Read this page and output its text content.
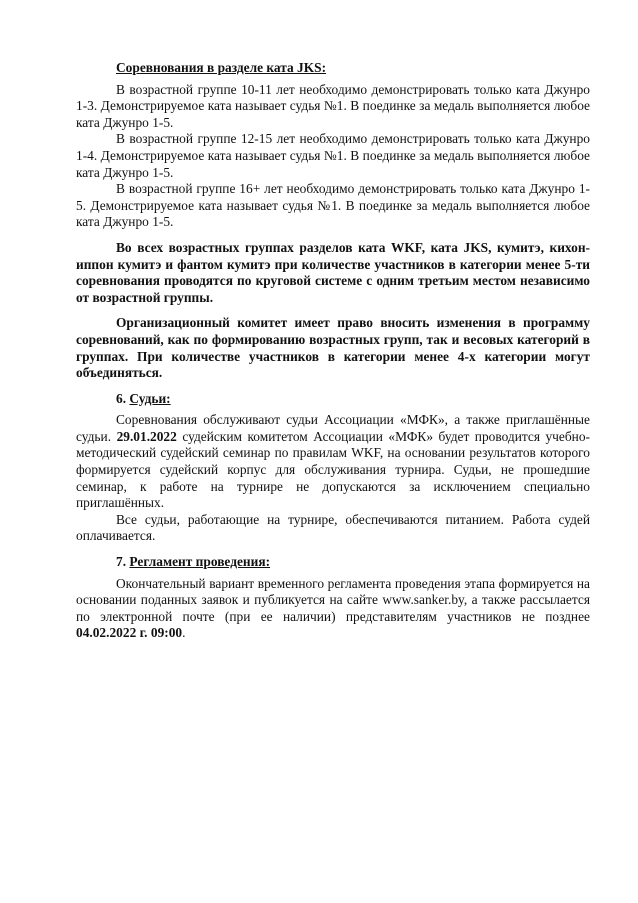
Соревнования в разделе ката JKS:

В возрастной группе 10-11 лет необходимо демонстрировать только ката Джунро 1-3. Демонстрируемое ката называет судья №1. В поединке за медаль выполняется любое ката Джунро 1-5.

В возрастной группе 12-15 лет необходимо демонстрировать только ката Джунро 1-4. Демонстрируемое ката называет судья №1. В поединке за медаль выполняется любое ката Джунро 1-5.

В возрастной группе 16+ лет необходимо демонстрировать только ката Джунро 1-5. Демонстрируемое ката называет судья №1. В поединке за медаль выполняется любое ката Джунро 1-5.

Во всех возрастных группах разделов ката WKF, ката JKS, кумитэ, кихон-иппон кумитэ и фантом кумитэ при количестве участников в категории менее 5-ти соревнования проводятся по круговой системе с одним третьим местом независимо от возрастной группы.

Организационный комитет имеет право вносить изменения в программу соревнований, как по формированию возрастных групп, так и весовых категорий в группах. При количестве участников в категории менее 4-х категории могут объединяться.

6. Судьи:

Соревнования обслуживают судьи Ассоциации «МФК», а также приглашённые судьи. 29.01.2022 судейским комитетом Ассоциации «МФК» будет проводится учебно-методический судейский семинар по правилам WKF, на основании результатов которого формируется судейский корпус для обслуживания турнира. Судьи, не прошедшие семинар, к работе на турнире не допускаются за исключением специально приглашённых.

Все судьи, работающие на турнире, обеспечиваются питанием. Работа судей оплачивается.

7. Регламент проведения:

Окончательный вариант временного регламента проведения этапа формируется на основании поданных заявок и публикуется на сайте www.sanker.by, а также рассылается по электронной почте (при ее наличии) представителям участников не позднее 04.02.2022 г. 09:00.
